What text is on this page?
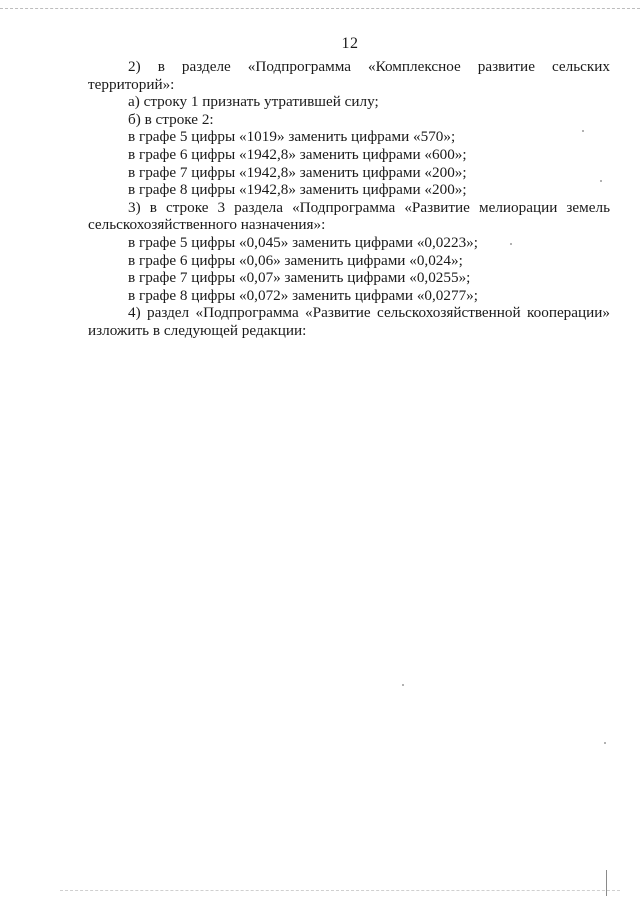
12

2) в разделе «Подпрограмма «Комплексное развитие сельских

территорий»:

а) строку 1 признать утратившей силу;

б) в строке 2:

в графе 5 цифры «1019» заменить цифрами «570»;

в графе 6 цифры «1942,8» заменить цифрами «600»;

в графе 7 цифры «1942,8» заменить цифрами «200»;

в графе 8 цифры «1942,8» заменить цифрами «200»;

3) в строке 3 раздела «Подпрограмма «Развитие мелиорации земель

сельскохозяйственного назначения»:

в графе 5 цифры «0,045» заменить цифрами «0,0223»;

в графе 6 цифры «0,06» заменить цифрами «0,024»;

в графе 7 цифры «0,07» заменить цифрами «0,0255»;

в графе 8 цифры «0,072» заменить цифрами «0,0277»;

4) раздел «Подпрограмма «Развитие сельскохозяйственной кооперации»

изложить в следующей редакции:
